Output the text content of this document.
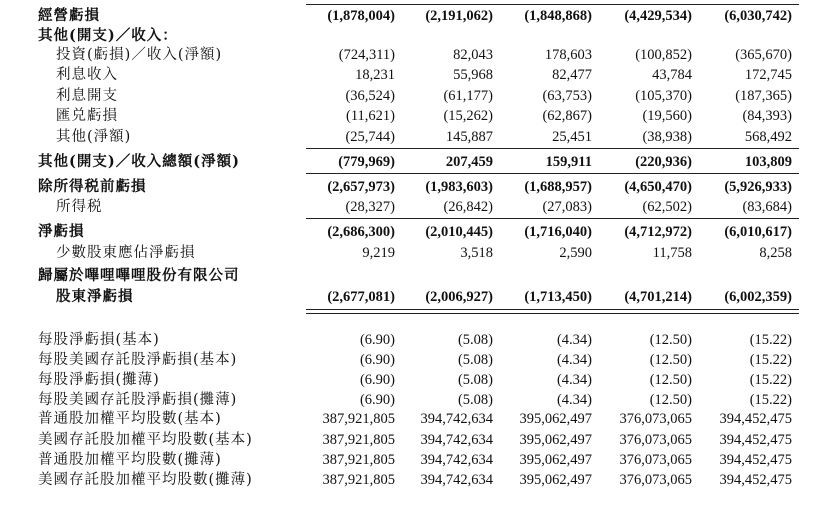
經營虧損	(1,878,004)	(2,191,062)	(1,848,868)	(4,429,534)	(6,030,742)
其他(開支)／收入：
投資(虧損)／收入(淨額)	(724,311)	82,043	178,603	(100,852)	(365,670)
利息收入	18,231	55,968	82,477	43,784	172,745
利息開支	(36,524)	(61,177)	(63,753)	(105,370)	(187,365)
匯兑虧損	(11,621)	(15,262)	(62,867)	(19,560)	(84,393)
其他(淨額)	(25,744)	145,887	25,451	(38,938)	568,492
其他(開支)／收入總額(淨額)	(779,969)	207,459	159,911	(220,936)	103,809
除所得税前虧損	(2,657,973)	(1,983,603)	(1,688,957)	(4,650,470)	(5,926,933)
所得税	(28,327)	(26,842)	(27,083)	(62,502)	(83,684)
淨虧損	(2,686,300)	(2,010,445)	(1,716,040)	(4,712,972)	(6,010,617)
少數股東應佔淨虧損	9,219	3,518	2,590	11,758	8,258
歸屬於嗶哩嗶哩股份有限公司
股東淨虧損	(2,677,081)	(2,006,927)	(1,713,450)	(4,701,214)	(6,002,359)
每股淨虧損(基本)	(6.90)	(5.08)	(4.34)	(12.50)	(15.22)
每股美國存託股淨虧損(基本)	(6.90)	(5.08)	(4.34)	(12.50)	(15.22)
每股淨虧損(攤薄)	(6.90)	(5.08)	(4.34)	(12.50)	(15.22)
每股美國存託股淨虧損(攤薄)	(6.90)	(5.08)	(4.34)	(12.50)	(15.22)
普通股加權平均股數(基本)	387,921,805	394,742,634	395,062,497	376,073,065	394,452,475
美國存託股加權平均股數(基本)	387,921,805	394,742,634	395,062,497	376,073,065	394,452,475
普通股加權平均股數(攤薄)	387,921,805	394,742,634	395,062,497	376,073,065	394,452,475
美國存託股加權平均股數(攤薄)	387,921,805	394,742,634	395,062,497	376,073,065	394,452,475
